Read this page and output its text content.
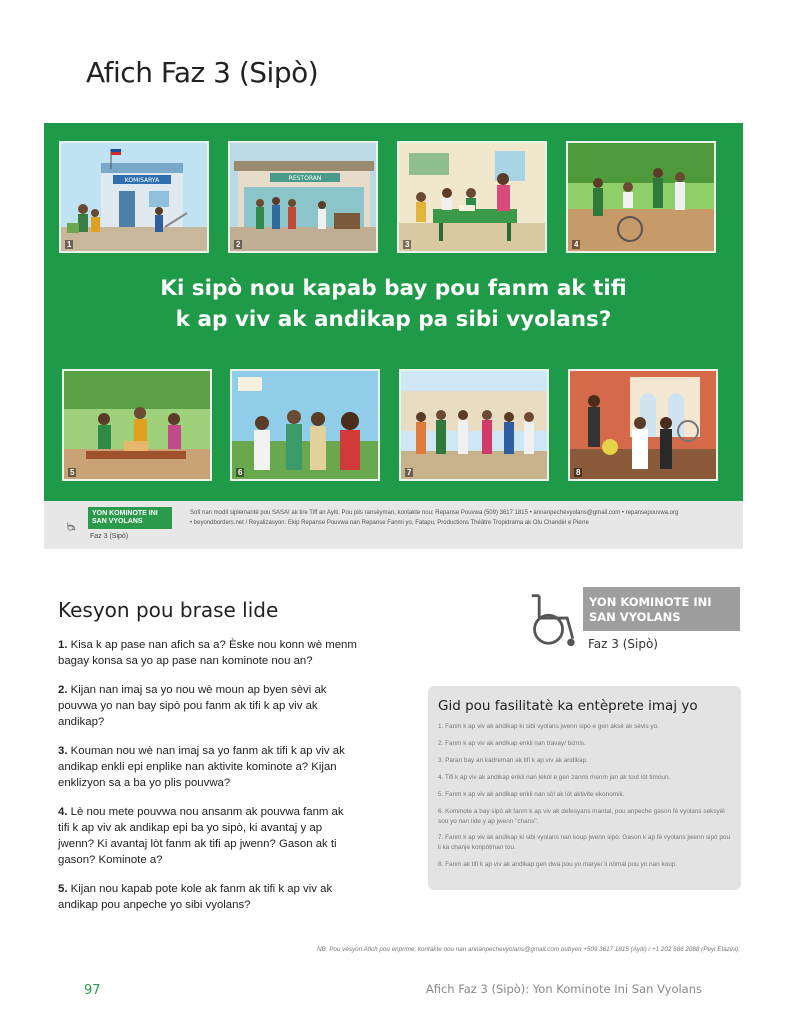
Afich Faz 3 (Sipò)
KOMISARYA
1
RESTORAN
2	3	4
Ki sipò nou kapab bay pou fanm ak tifi
k ap viv ak andikap pa sibi vyolans?
5	6	7	8
YON KOMINOTE INI SAN VYOLANS
Faz 3 (Sipò)
Sofi nan modil siplemantè pou SASA! ak tire Tiff an Ayiti. Pou plis ransèyman, kontakte nou: Repanse Pouvwa (509) 3617 1815 • annanpechevyolans@gmail.com • repansepouvwa.org
• beyondborders.net / Reyalizasyon: Ekip Repanse Pouvwa nan Repanse Fanmi yo, Fatapu, Productions Théâtre Tropidrama ak Olu Chandèl e Pierre
Kesyon pou brase lide
1. Kisa k ap pase nan afich sa a? Èske nou konn wè menm bagay konsa sa yo ap pase nan kominote nou an?
2. Kijan nan imaj sa yo nou wè moun ap byen sèvi ak pouvwa yo nan bay sipò pou fanm ak tifi k ap viv ak andikap?
3. Kouman nou wè nan imaj sa yo fanm ak tifi k ap viv ak andikap enkli epi enplike nan aktivite kominote a? Kijan enklizyon sa a ba yo plis pouvwa?
4. Lè nou mete pouvwa nou ansanm ak pouvwa fanm ak tifi k ap viv ak andikap epi ba yo sipò, ki avantaj y ap jwenn? Ki avantaj lòt fanm ak tifi ap jwenn? Gason ak ti gason? Kominote a?
5. Kijan nou kapab pote kole ak fanm ak tifi k ap viv ak andikap pou anpeche yo sibi vyolans?
YON KOMINOTE INI SAN VYOLANS
Faz 3 (Sipò)
Gid pou fasilitatè ka entèprete imaj yo
1. Fanm k ap viv ak andikap ki sibi vyolans jwenn sipò e gen aksè ak sèvis yo.
2. Fanm k ap viv ak andikap enkli nan travay/ biznis.
3. Paran bay an kadreman ak tifi k ap viv ak andikap.
4. Tifi k ap viv ak andikap enkli nan lekòl e gen zanmi menm jan ak tout lòt timoun.
5. Fanm k ap viv ak andikap enkli nan sòl ak lòt aktivite ekonomik.
6. Kominote a bay sipò ak fanm k ap viv ak defesyans mantal, pou anpeche gason fè vyolans seksyèl sou yo nan lide y ap jwenn "chans".
7. Fanm k ap viv ak andikap ki sibi vyolans nan koup jwenn sipò. Gason k ap fè vyolans jwenn sipò pou li ka chanje konpòtman tou.
8. Fanm ak tifi k ap viv ak andikap gen dwa pou yo marye/ li nòmal pou yo nan koup.
NB: Pou vèsyon Afich pou enprime, kontakte nou nan annanpechevyolans@gmail.com oubyen +509 3617 1815 (Ayiti) / +1 202 686 2088 (Peyi Etazini).
97	Afich Faz 3 (Sipò): Yon Kominote Ini San Vyolans
